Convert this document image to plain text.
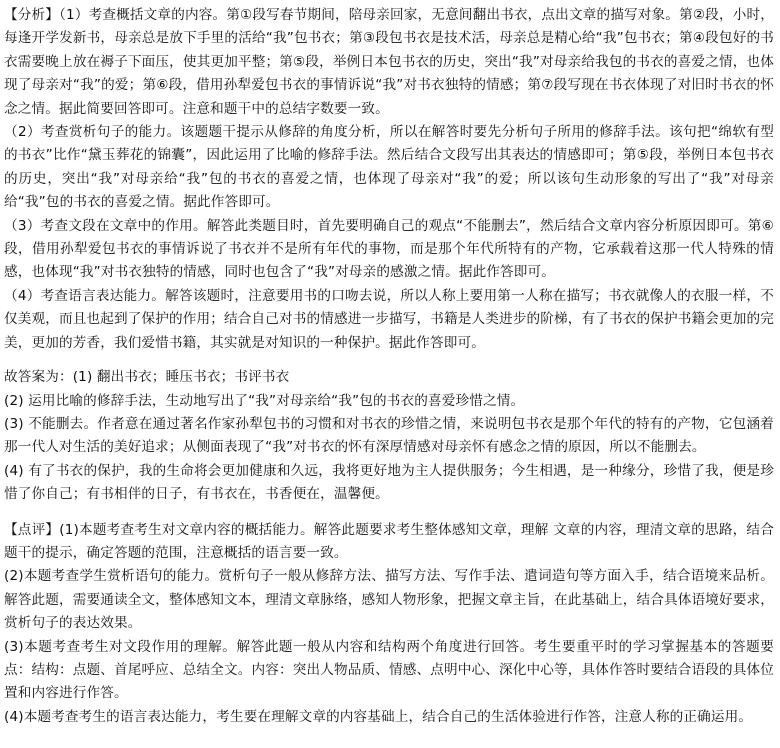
【分析】（1）考查概括文章的内容。第①段写春节期间，陪母亲回家，无意间翻出书衣，点出文章的描写对象。第②段，小时，每逢开学发新书，母亲总是放下手里的活给“我”包书衣；第③段包书衣是技术活，母亲总是精心给“我”包书衣；第④段包好的书衣需要晚上放在褥子下面压，使其更加平整；第⑤段，举例日本包书衣的历史，突出“我”对母亲给我包的书衣的喜爱之情，也体现了母亲对“我”的爱；第⑥段，借用孙犁爱包书衣的事情诉说“我”对书衣独特的情感；第⑦段写现在书衣体现了对旧时书衣的怀念之情。据此简要回答即可。注意和题干中的总结字数要一致。

（2）考查赏析句子的能力。该题题干提示从修辞的角度分析，所以在解答时要先分析句子所用的修辞手法。该句把“绵软有型的书衣”比作“黛玉葬花的锦囊”，因此运用了比喻的修辞手法。然后结合文段写出其表达的情感即可；第⑤段，举例日本包书衣的历史，突出“我”对母亲给“我”包的书衣的喜爱之情，也体现了母亲对“我”的爱；所以该句生动形象的写出了“我”对母亲给“我”包的书衣的喜爱之情。据此作答即可。

（3）考查文段在文章中的作用。解答此类题目时，首先要明确自己的观点“不能删去”，然后结合文章内容分析原因即可。第⑥段，借用孙犁爱包书衣的事情诉说了书衣并不是所有年代的事物，而是那个年代所特有的产物，它承载着这那一代人特殊的情感，也体现“我”对书衣独特的情感，同时也包含了“我”对母亲的感激之情。据此作答即可。

（4）考查语言表达能力。解答该题时，注意要用书的口吻去说，所以人称上要用第一人称在描写；书衣就像人的衣服一样，不仅美观，而且也起到了保护的作用；结合自己对书的情感进一步描写，书籍是人类进步的阶梯，有了书衣的保护书籍会更加的完美，更加的芳香，我们爱惜书籍，其实就是对知识的一种保护。据此作答即可。

故答案为：(1) 翻出书衣；睡压书衣；书评书衣

(2) 运用比喻的修辞手法，生动地写出了“我”对母亲给“我”包的书衣的喜爱珍惜之情。

(3) 不能删去。作者意在通过著名作家孙犁包书的习惯和对书衣的珍惜之情，来说明包书衣是那个年代的特有的产物，它包涵着那一代人对生活的美好追求；从侧面表现了“我”对书衣的怀有深厚情感对母亲怀有感念之情的原因，所以不能删去。

(4) 有了书衣的保护，我的生命将会更加健康和久远，我将更好地为主人提供服务；今生相遇，是一种缘分，珍惜了我，便是珍惜了你自己；有书相伴的日子，有书衣在，书香便在，温馨便。

【点评】(1)本题考查考生对文章内容的概括能力。解答此题要求考生整体感知文章，理解 文章的内容，理清文章的思路，结合题干的提示，确定答题的范围，注意概括的语言要一致。

(2)本题考查学生赏析语句的能力。赏析句子一般从修辞方法、描写方法、写作手法、遣词造句等方面入手，结合语境来品析。解答此题，需要通读全文，整体感知文本，理清文章脉络，感知人物形象，把握文章主旨，在此基础上，结合具体语境好要求，赏析句子的表达效果。

(3)本题考查考生对文段作用的理解。解答此题一般从内容和结构两个角度进行回答。考生要重平时的学习掌握基本的答题要点：结构：点题、首尾呼应、总结全文。内容：突出人物品质、情感、点明中心、深化中心等，具体作答时要结合语段的具体位置和内容进行作答。

(4)本题考查考生的语言表达能力，考生要在理解文章的内容基础上，结合自己的生活体验进行作答，注意人称的正确运用。
